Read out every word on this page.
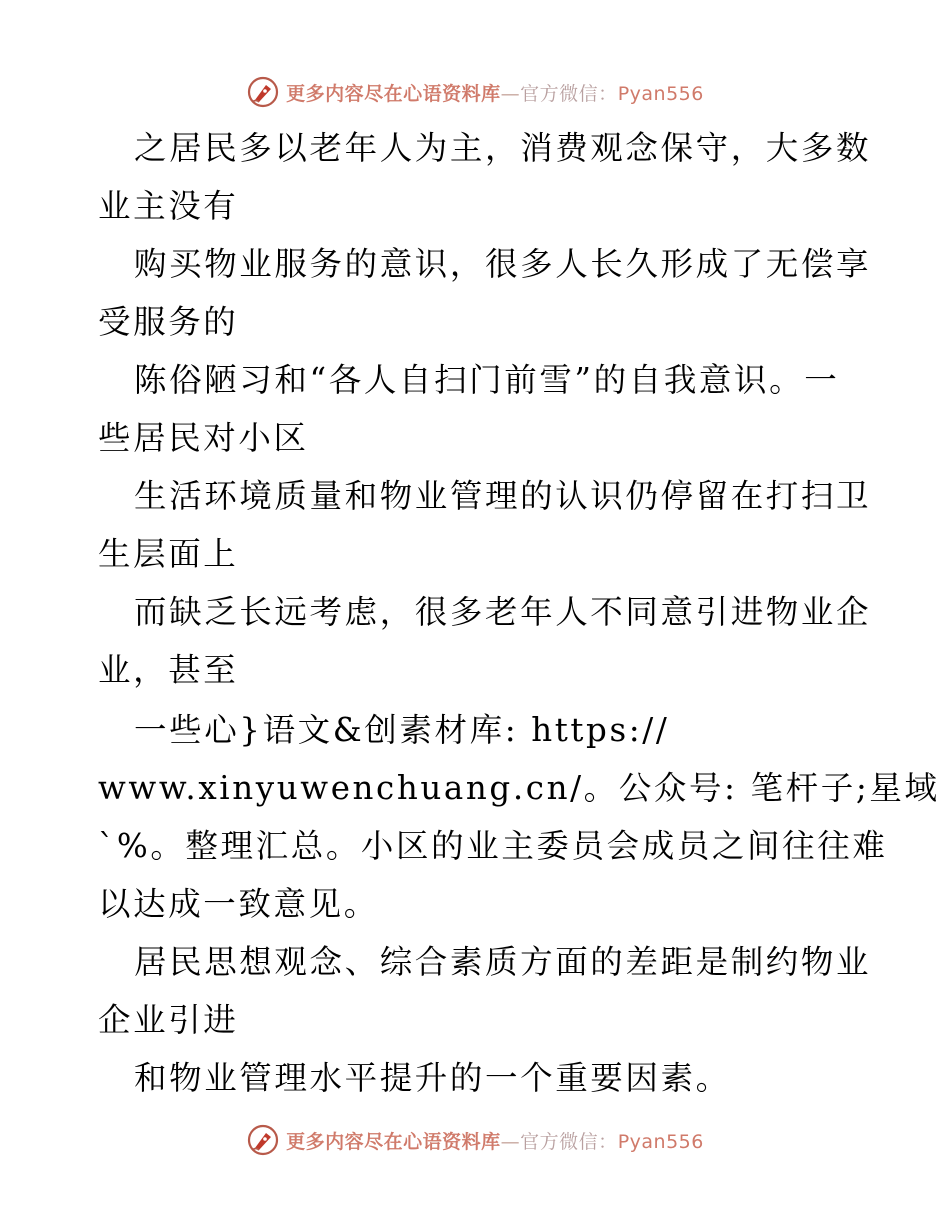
更多内容尽在心语资料库—官方微信：Pyan556
之居民多以老年人为主，消费观念保守，大多数
业主没有
购买物业服务的意识，很多人长久形成了无偿享
受服务的
陈俗陋习和“各人自扫门前雪”的自我意识。一
些居民对小区
生活环境质量和物业管理的认识仍停留在打扫卫
生层面上
而缺乏长远考虑，很多老年人不同意引进物业企
业，甚至
一些心}语文&创素材库: https://
www.xinyuwenchuang.cn/。公众号: 笔杆子;星域
`%。整理汇总。小区的业主委员会成员之间往往难
以达成一致意见。
居民思想观念、综合素质方面的差距是制约物业
企业引进
和物业管理水平提升的一个重要因素。
更多内容尽在心语资料库—官方微信：Pyan556
